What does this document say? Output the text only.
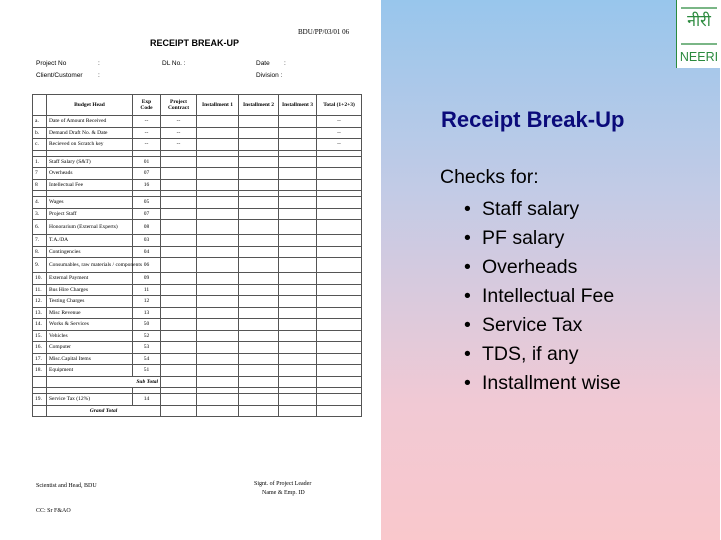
BDU/PP/03/01 06
RECEIPT BREAK-UP
Project No	:	DL No. :	Date :
Client/Customer :	Division :
	Budget Head	Exp Code	Project Contract	Installment 1	Installment 2	Installment 3	Total (1+2+3)
a.	Date of Amount Received	--	--				--
b.	Demand Draft No. & Date	--	--				--
c.	Recieved on Scratch key	--	--				--

1.	Staff Salary (S&T)	01					
7	Overheads	07					
8	Intellectual Fee	16					

4.	Wages	05					
3.	Project Staff	07					
6.	Honorarium (External Experts)	08					
7.	T.A./DA	03					
8.	Contingencies	04					
9.	Consumables, raw materials / components	06					
10.	External Payment	09					
11.	Bus Hire Charges	11					
12.	Testing Charges	12					
13.	Misc Revenue	13					
14.	Works & Services	50					
15.	Vehicles	52					
16.	Computer	53					
17.	Misc.Capital Items	54					
18.	Equipment	51					
	Sub Total						

19.	Service Tax (12%)	14					
	Grand Total						
Scientist and Head, BDU	Signt. of Project Leader
Name & Emp. ID
CC: Sr F&AO
नीरी
NEERI
Receipt Break-Up
Checks for:
• Staff salary
• PF salary
• Overheads
• Intellectual Fee
• Service Tax
• TDS, if any
• Installment wise
